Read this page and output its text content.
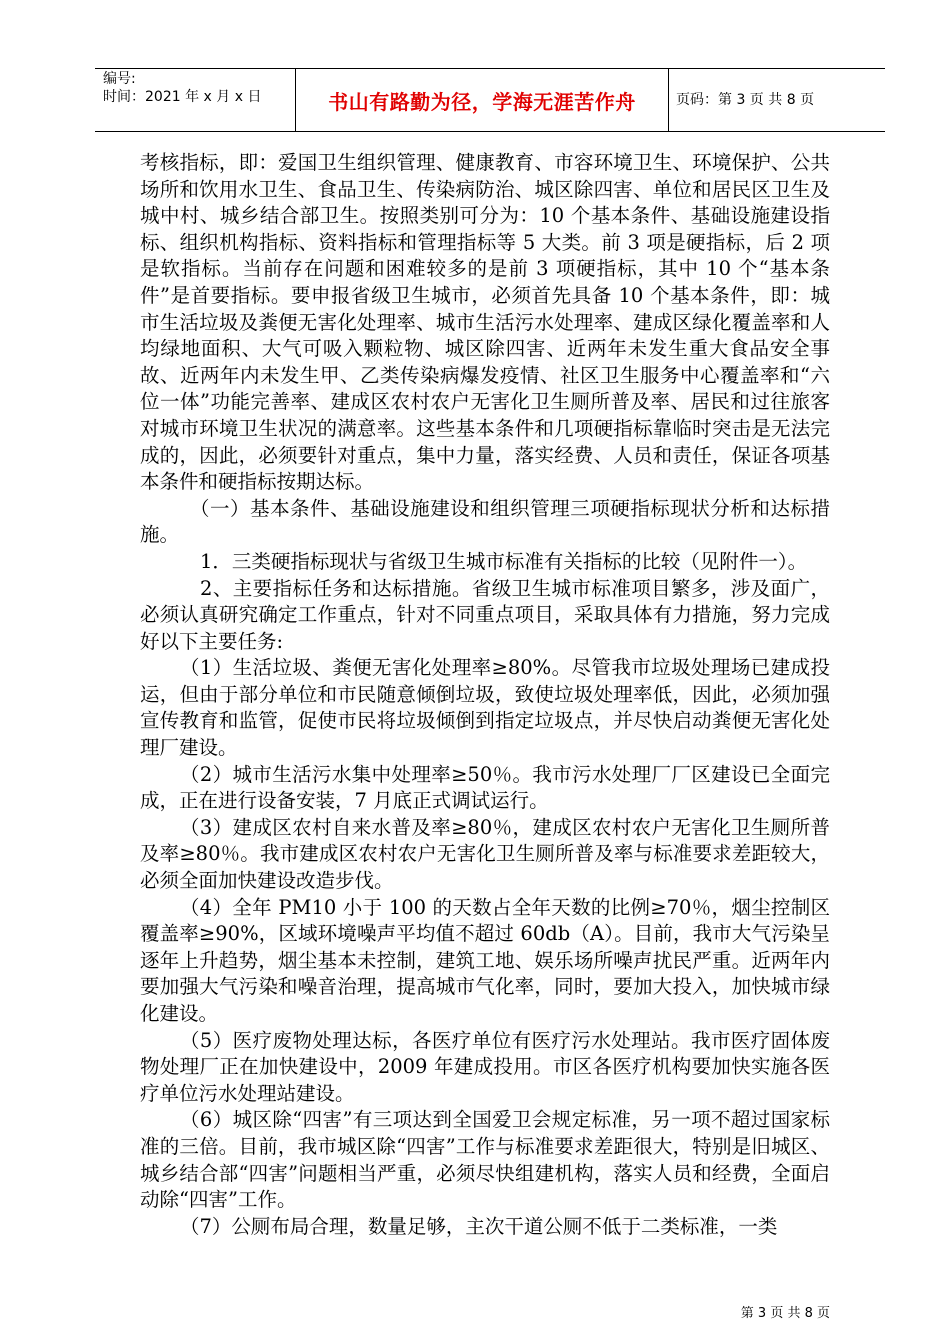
编号:
时间：2021 年 x 月 x 日	书山有路勤为径，学海无涯苦作舟	页码：第 3 页 共 8 页

考核指标，即：爱国卫生组织管理、健康教育、市容环境卫生、环境保护、公共场所和饮用水卫生、食品卫生、传染病防治、城区除四害、单位和居民区卫生及城中村、城乡结合部卫生。按照类别可分为：10 个基本条件、基础设施建设指标、组织机构指标、资料指标和管理指标等 5 大类。前 3 项是硬指标，后 2 项是软指标。当前存在问题和困难较多的是前 3 项硬指标，其中 10 个“基本条件”是首要指标。要申报省级卫生城市，必须首先具备 10 个基本条件，即：城市生活垃圾及粪便无害化处理率、城市生活污水处理率、建成区绿化覆盖率和人均绿地面积、大气可吸入颗粒物、城区除四害、近两年未发生重大食品安全事故、近两年内未发生甲、乙类传染病爆发疫情、社区卫生服务中心覆盖率和“六位一体”功能完善率、建成区农村农户无害化卫生厕所普及率、居民和过往旅客对城市环境卫生状况的满意率。这些基本条件和几项硬指标靠临时突击是无法完成的，因此，必须要针对重点，集中力量，落实经费、人员和责任，保证各项基本条件和硬指标按期达标。

（一）基本条件、基础设施建设和组织管理三项硬指标现状分析和达标措施。

1．三类硬指标现状与省级卫生城市标准有关指标的比较（见附件一）。

2、主要指标任务和达标措施。省级卫生城市标准项目繁多，涉及面广，必须认真研究确定工作重点，针对不同重点项目，采取具体有力措施，努力完成好以下主要任务:

（1）生活垃圾、粪便无害化处理率≥80%。尽管我市垃圾处理场已建成投运，但由于部分单位和市民随意倾倒垃圾，致使垃圾处理率低，因此，必须加强宣传教育和监管，促使市民将垃圾倾倒到指定垃圾点，并尽快启动粪便无害化处理厂建设。

（2）城市生活污水集中处理率≥50％。我市污水处理厂厂区建设已全面完成，正在进行设备安装，7 月底正式调试运行。

（3）建成区农村自来水普及率≥80％，建成区农村农户无害化卫生厕所普及率≥80％。我市建成区农村农户无害化卫生厕所普及率与标准要求差距较大，必须全面加快建设改造步伐。

（4）全年 PM10 小于 100 的天数占全年天数的比例≥70％，烟尘控制区覆盖率≥90%，区域环境噪声平均值不超过 60db（A）。目前，我市大气污染呈逐年上升趋势，烟尘基本未控制，建筑工地、娱乐场所噪声扰民严重。近两年内要加强大气污染和噪音治理，提高城市气化率，同时，要加大投入，加快城市绿化建设。

（5）医疗废物处理达标，各医疗单位有医疗污水处理站。我市医疗固体废物处理厂正在加快建设中，2009 年建成投用。市区各医疗机构要加快实施各医疗单位污水处理站建设。

（6）城区除“四害”有三项达到全国爱卫会规定标准，另一项不超过国家标准的三倍。目前，我市城区除“四害”工作与标准要求差距很大，特别是旧城区、城乡结合部“四害”问题相当严重，必须尽快组建机构，落实人员和经费，全面启动除“四害”工作。

（7）公厕布局合理，数量足够，主次干道公厕不低于二类标准，一类

第 3 页 共 8 页
